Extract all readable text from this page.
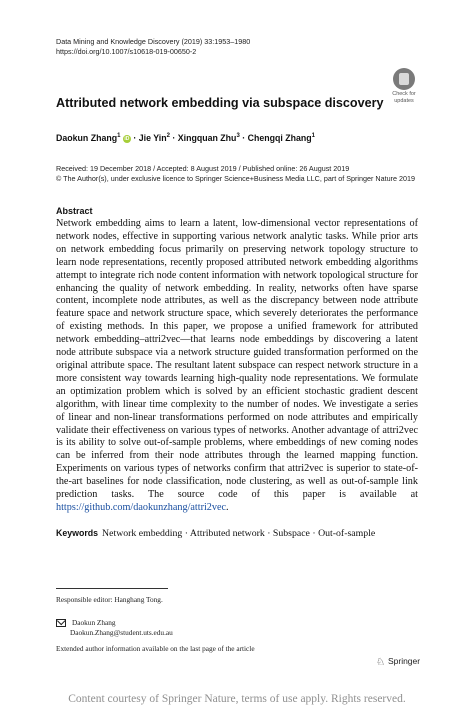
Data Mining and Knowledge Discovery (2019) 33:1953–1980
https://doi.org/10.1007/s10618-019-00650-2
Check for
updates
Attributed network embedding via subspace discovery
Daokun Zhang$^1$ iD · Jie Yin$^2$ · Xingquan Zhu$^3$ · Chengqi Zhang$^1$
Received: 19 December 2018 / Accepted: 8 August 2019 / Published online: 26 August 2019
© The Author(s), under exclusive licence to Springer Science+Business Media LLC, part of Springer Nature 2019
Abstract

Network embedding aims to learn a latent, low-dimensional vector representations of network nodes, effective in supporting various network analytic tasks. While prior arts on network embedding focus primarily on preserving network topology structure to learn node representations, recently proposed attributed network embedding algorithms attempt to integrate rich node content information with network topological structure for enhancing the quality of network embedding. In reality, networks often have sparse content, incomplete node attributes, as well as the discrepancy between node attribute feature space and network structure space, which severely deteriorates the performance of existing methods. In this paper, we propose a unified framework for attributed network embedding–attri2vec—that learns node embeddings by discovering a latent node attribute subspace via a network structure guided transformation performed on the original attribute space. The resultant latent subspace can respect network structure in a more consistent way towards learning high-quality node representations. We formulate an optimization problem which is solved by an efficient stochastic gradient descent algorithm, with linear time complexity to the number of nodes. We investigate a series of linear and non-linear transformations performed on node attributes and empirically validate their effectiveness on various types of networks. Another advantage of attri2vec is its ability to solve out-of-sample problems, where embeddings of new coming nodes can be inferred from their node attributes through the learned mapping function. Experiments on various types of networks confirm that attri2vec is superior to state-of-the-art baselines for node classification, node clustering, as well as out-of-sample link prediction tasks. The source code of this paper is available at https://github.com/daokunzhang/attri2vec.

Keywords Network embedding · Attributed network · Subspace · Out-of-sample
Responsible editor: Hanghang Tong.
Daokun Zhang
Daokun.Zhang@student.uts.edu.au
Extended author information available on the last page of the article
♘ Springer
Content courtesy of Springer Nature, terms of use apply. Rights reserved.
